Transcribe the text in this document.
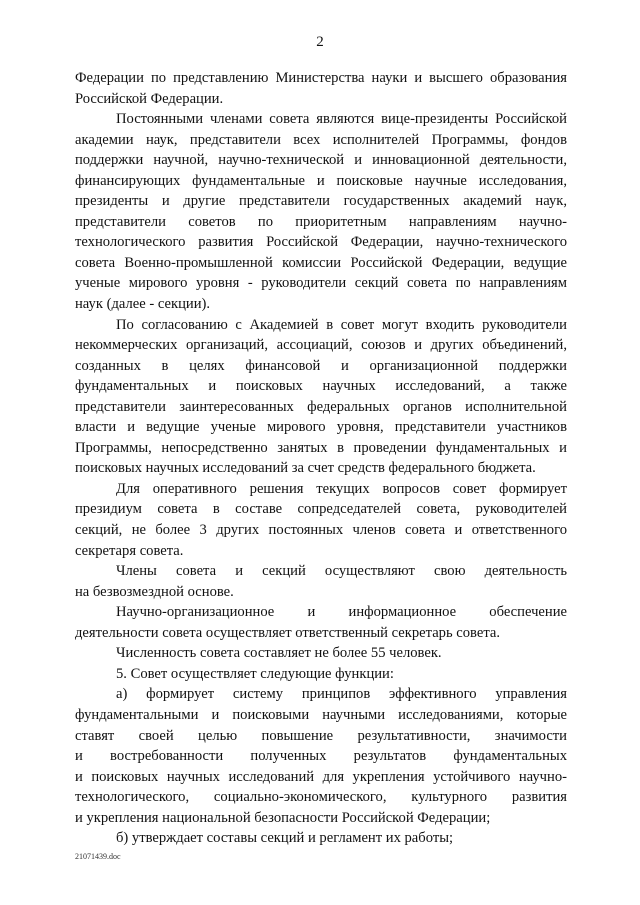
2

Федерации по представлению Министерства науки и высшего образования

Российской Федерации.

Постоянными членами совета являются вице-президенты Российской

академии наук, представители всех исполнителей Программы, фондов

поддержки научной, научно-технической и инновационной деятельности,

финансирующих фундаментальные и поисковые научные исследования,

президенты и другие представители государственных академий наук,

представители советов по приоритетным направлениям научно-

технологического развития Российской Федерации, научно-технического

совета Военно-промышленной комиссии Российской Федерации, ведущие

ученые мирового уровня - руководители секций совета по направлениям

наук (далее - секции).

По согласованию с Академией в совет могут входить руководители

некоммерческих организаций, ассоциаций, союзов и других объединений,

созданных в целях финансовой и организационной поддержки

фундаментальных и поисковых научных исследований, а также

представители заинтересованных федеральных органов исполнительной

власти и ведущие ученые мирового уровня, представители участников

Программы, непосредственно занятых в проведении фундаментальных и

поисковых научных исследований за счет средств федерального бюджета.

Для оперативного решения текущих вопросов совет формирует

президиум совета в составе сопредседателей совета, руководителей

секций, не более 3 других постоянных членов совета и ответственного

секретаря совета.

Члены совета и секций осуществляют свою деятельность

на безвозмездной основе.

Научно-организационное и информационное обеспечение

деятельности совета осуществляет ответственный секретарь совета.

Численность совета составляет не более 55 человек.

5. Совет осуществляет следующие функции:

а) формирует систему принципов эффективного управления

фундаментальными и поисковыми научными исследованиями, которые

ставят своей целью повышение результативности, значимости

и востребованности полученных результатов фундаментальных

и поисковых научных исследований для укрепления устойчивого научно-

технологического, социально-экономического, культурного развития

и укрепления национальной безопасности Российской Федерации;

б) утверждает составы секций и регламент их работы;

21071439.doc
